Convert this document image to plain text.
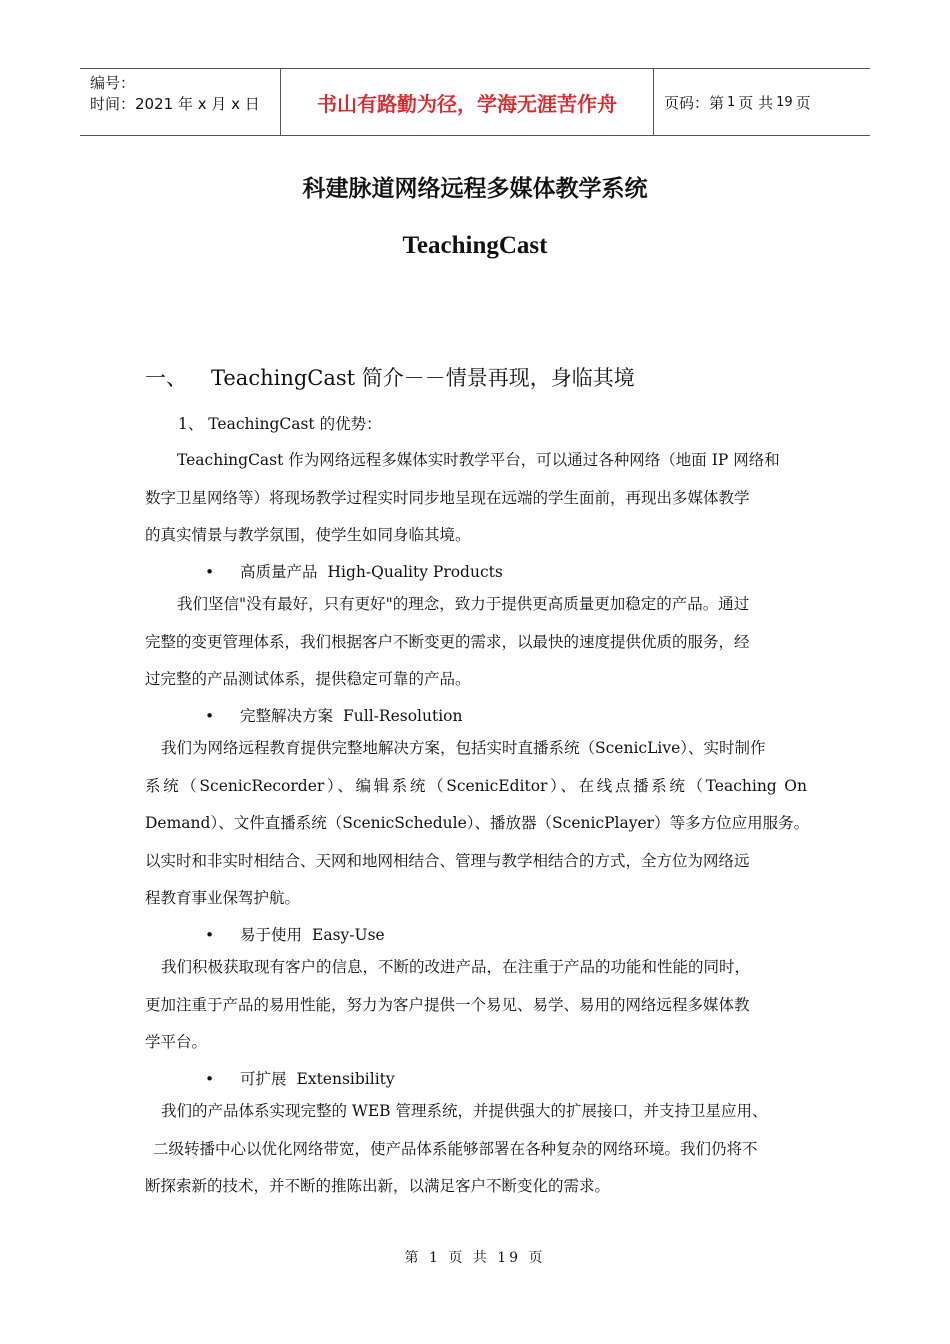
编号：
时间：2021 年 x 月 x 日	书山有路勤为径，学海无涯苦作舟	页码：第 1 页 共 19 页
科建脉道网络远程多媒体教学系统
TeachingCast
一、 TeachingCast 简介－－情景再现，身临其境
1、 TeachingCast 的优势：
TeachingCast 作为网络远程多媒体实时教学平台，可以通过各种网络（地面 IP 网络和
数字卫星网络等）将现场教学过程实时同步地呈现在远端的学生面前，再现出多媒体教学
的真实情景与教学氛围，使学生如同身临其境。
• 高质量产品 High-Quality Products
我们坚信"没有最好，只有更好"的理念，致力于提供更高质量更加稳定的产品。通过
完整的变更管理体系，我们根据客户不断变更的需求，以最快的速度提供优质的服务，经
过完整的产品测试体系，提供稳定可靠的产品。
• 完整解决方案 Full-Resolution
我们为网络远程教育提供完整地解决方案，包括实时直播系统（ScenicLive）、实时制作
系统（ScenicRecorder）、编辑系统（ScenicEditor）、在线点播系统（Teaching On
Demand）、文件直播系统（ScenicSchedule）、播放器（ScenicPlayer）等多方位应用服务。
以实时和非实时相结合、天网和地网相结合、管理与教学相结合的方式，全方位为网络远
程教育事业保驾护航。
• 易于使用 Easy-Use
我们积极获取现有客户的信息，不断的改进产品，在注重于产品的功能和性能的同时，
更加注重于产品的易用性能，努力为客户提供一个易见、易学、易用的网络远程多媒体教
学平台。
• 可扩展 Extensibility
我们的产品体系实现完整的 WEB 管理系统，并提供强大的扩展接口，并支持卫星应用、
二级转播中心以优化网络带宽，使产品体系能够部署在各种复杂的网络环境。我们仍将不
断探索新的技术，并不断的推陈出新，以满足客户不断变化的需求。
第 1 页 共 19 页
